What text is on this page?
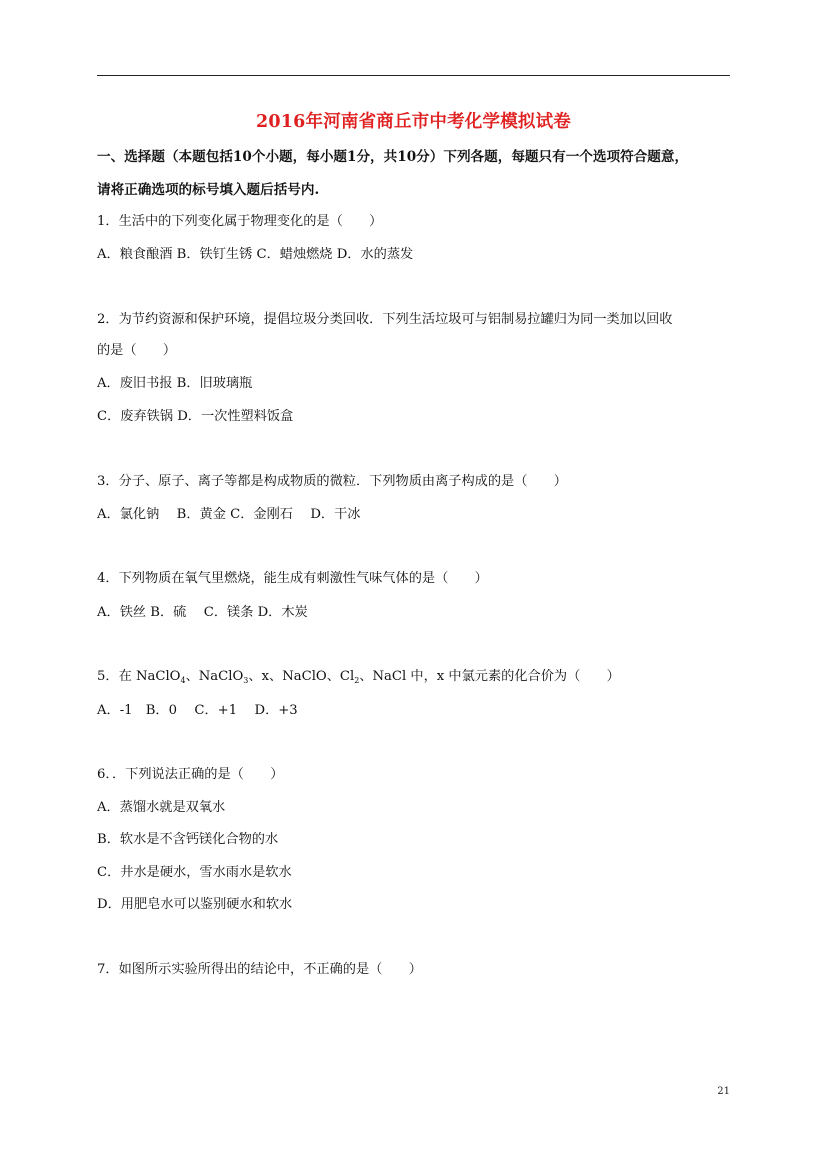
2016年河南省商丘市中考化学模拟试卷
一、选择题（本题包括10个小题，每小题1分，共10分）下列各题，每题只有一个选项符合题意，
请将正确选项的标号填入题后括号内.
1．生活中的下列变化属于物理变化的是（　　）
A．粮食酿酒 B．铁钉生锈 C．蜡烛燃烧 D．水的蒸发
2．为节约资源和保护环境，提倡垃圾分类回收．下列生活垃圾可与铝制易拉罐归为同一类加以回收
的是（　　）
A．废旧书报 B．旧玻璃瓶
C．废弃铁锅 D．一次性塑料饭盒
3．分子、原子、离子等都是构成物质的微粒．下列物质由离子构成的是（　　）
A．氯化钠　 B．黄金 C．金刚石　 D．干冰
4．下列物质在氧气里燃烧，能生成有刺激性气味气体的是（　　）
A．铁丝 B．硫　 C．镁条 D．木炭
5．在 NaClO$_4$、NaClO$_3$、x、NaClO、$Cl_2$、NaCl 中，x 中氯元素的化合价为（　　）
A．-1　B．0　 C．+1　 D．+3
6．．下列说法正确的是（　　）
A．蒸馏水就是双氧水
B．软水是不含钙镁化合物的水
C．井水是硬水，雪水雨水是软水
D．用肥皂水可以鉴别硬水和软水
7．如图所示实验所得出的结论中，不正确的是（　　）
21
